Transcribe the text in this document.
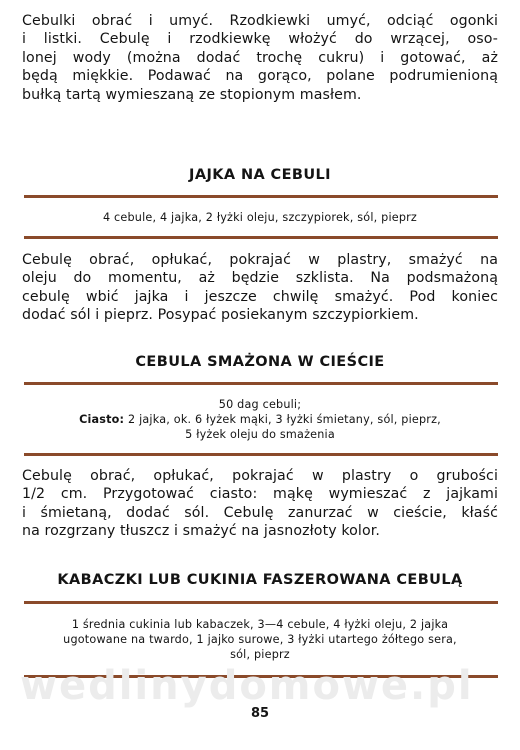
Cebulki obrać i umyć. Rzodkiewki umyć, odciąć ogonki
i listki. Cebulę i rzodkiewkę włożyć do wrzącej, oso-
lonej wody (można dodać trochę cukru) i gotować, aż
będą miękkie. Podawać na gorąco, polane podrumienioną
bułką tartą wymieszaną ze stopionym masłem.
JAJKA NA CEBULI
4 cebule, 4 jajka, 2 łyżki oleju, szczypiorek, sól, pieprz
Cebulę obrać, opłukać, pokrajać w plastry, smażyć na
oleju do momentu, aż będzie szklista. Na podsmażoną
cebulę wbić jajka i jeszcze chwilę smażyć. Pod koniec
dodać sól i pieprz. Posypać posiekanym szczypiorkiem.
CEBULA SMAŻONA W CIEŚCIE
50 dag cebuli;
Ciasto: 2 jajka, ok. 6 łyżek mąki, 3 łyżki śmietany, sól, pieprz,
5 łyżek oleju do smażenia
Cebulę obrać, opłukać, pokrajać w plastry o grubości
1/2 cm. Przygotować ciasto: mąkę wymieszać z jajkami
i śmietaną, dodać sól. Cebulę zanurzać w cieście, kłaść
na rozgrzany tłuszcz i smażyć na jasnozłoty kolor.
KABACZKI LUB CUKINIA FASZEROWANA CEBULĄ
1 średnia cukinia lub kabaczek, 3—4 cebule, 4 łyżki oleju, 2 jajka
ugotowane na twardo, 1 jajko surowe, 3 łyżki utartego żółtego sera,
sól, pieprz
wedlinydomowe.pl
85
